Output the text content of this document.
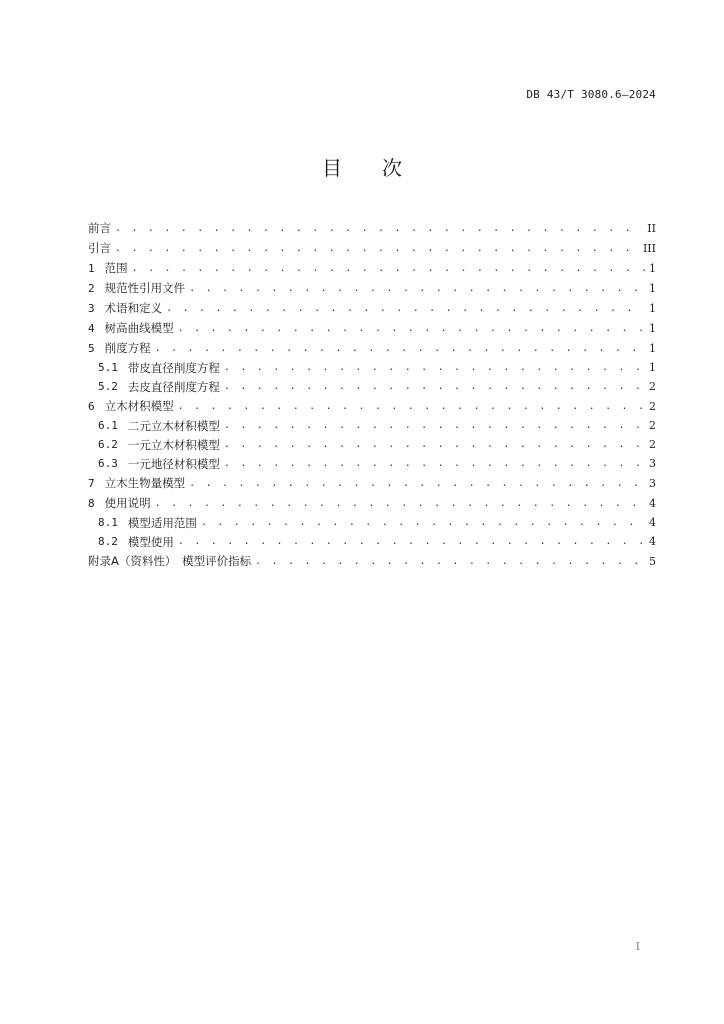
DB 43/T 3080.6—2024
目 次
前言 . . .	II
引言 . . .	III
1 范围 . . .	1
2 规范性引用文件 . . .	1
3 术语和定义 . . .	1
4 树高曲线模型 . . .	1
5 削度方程 . . .	1
5.1 带皮直径削度方程 . . .	1
5.2 去皮直径削度方程 . . .	2
6 立木材积模型 . . .	2
6.1 二元立木材积模型 . . .	2
6.2 一元立木材积模型 . . .	2
6.3 一元地径材积模型 . . .	3
7 立木生物量模型 . . .	3
8 使用说明 . . .	4
8.1 模型适用范围 . . .	4
8.2 模型使用 . . .	4
附录A（资料性）　模型评价指标 . . .	5
I
